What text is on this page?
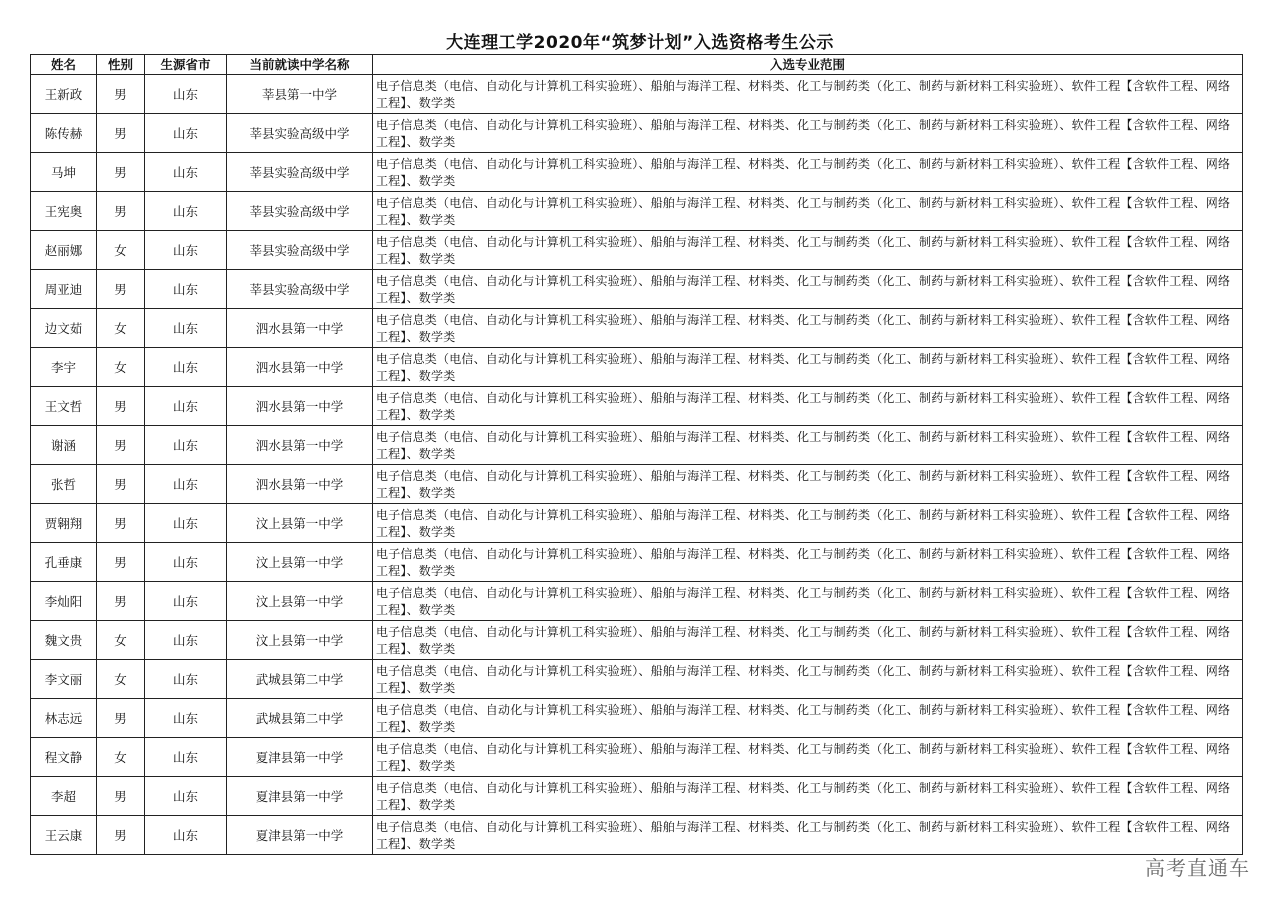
大连理工学2020年“筑梦计划”入选资格考生公示
姓名	性别	生源省市	当前就读中学名称	入选专业范围
王新政	男	山东	莘县第一中学	电子信息类（电信、自动化与计算机工科实验班）、船舶与海洋工程、材料类、化工与制药类（化工、制药与新材料工科实验班）、软件工程【含软件工程、网络工程】、数学类
陈传赫	男	山东	莘县实验高级中学	电子信息类（电信、自动化与计算机工科实验班）、船舶与海洋工程、材料类、化工与制药类（化工、制药与新材料工科实验班）、软件工程【含软件工程、网络工程】、数学类
马坤	男	山东	莘县实验高级中学	电子信息类（电信、自动化与计算机工科实验班）、船舶与海洋工程、材料类、化工与制药类（化工、制药与新材料工科实验班）、软件工程【含软件工程、网络工程】、数学类
王宪奥	男	山东	莘县实验高级中学	电子信息类（电信、自动化与计算机工科实验班）、船舶与海洋工程、材料类、化工与制药类（化工、制药与新材料工科实验班）、软件工程【含软件工程、网络工程】、数学类
赵丽娜	女	山东	莘县实验高级中学	电子信息类（电信、自动化与计算机工科实验班）、船舶与海洋工程、材料类、化工与制药类（化工、制药与新材料工科实验班）、软件工程【含软件工程、网络工程】、数学类
周亚迪	男	山东	莘县实验高级中学	电子信息类（电信、自动化与计算机工科实验班）、船舶与海洋工程、材料类、化工与制药类（化工、制药与新材料工科实验班）、软件工程【含软件工程、网络工程】、数学类
边文茹	女	山东	泗水县第一中学	电子信息类（电信、自动化与计算机工科实验班）、船舶与海洋工程、材料类、化工与制药类（化工、制药与新材料工科实验班）、软件工程【含软件工程、网络工程】、数学类
李宇	女	山东	泗水县第一中学	电子信息类（电信、自动化与计算机工科实验班）、船舶与海洋工程、材料类、化工与制药类（化工、制药与新材料工科实验班）、软件工程【含软件工程、网络工程】、数学类
王文哲	男	山东	泗水县第一中学	电子信息类（电信、自动化与计算机工科实验班）、船舶与海洋工程、材料类、化工与制药类（化工、制药与新材料工科实验班）、软件工程【含软件工程、网络工程】、数学类
谢涵	男	山东	泗水县第一中学	电子信息类（电信、自动化与计算机工科实验班）、船舶与海洋工程、材料类、化工与制药类（化工、制药与新材料工科实验班）、软件工程【含软件工程、网络工程】、数学类
张哲	男	山东	泗水县第一中学	电子信息类（电信、自动化与计算机工科实验班）、船舶与海洋工程、材料类、化工与制药类（化工、制药与新材料工科实验班）、软件工程【含软件工程、网络工程】、数学类
贾翱翔	男	山东	汶上县第一中学	电子信息类（电信、自动化与计算机工科实验班）、船舶与海洋工程、材料类、化工与制药类（化工、制药与新材料工科实验班）、软件工程【含软件工程、网络工程】、数学类
孔垂康	男	山东	汶上县第一中学	电子信息类（电信、自动化与计算机工科实验班）、船舶与海洋工程、材料类、化工与制药类（化工、制药与新材料工科实验班）、软件工程【含软件工程、网络工程】、数学类
李灿阳	男	山东	汶上县第一中学	电子信息类（电信、自动化与计算机工科实验班）、船舶与海洋工程、材料类、化工与制药类（化工、制药与新材料工科实验班）、软件工程【含软件工程、网络工程】、数学类
魏文贵	女	山东	汶上县第一中学	电子信息类（电信、自动化与计算机工科实验班）、船舶与海洋工程、材料类、化工与制药类（化工、制药与新材料工科实验班）、软件工程【含软件工程、网络工程】、数学类
李文丽	女	山东	武城县第二中学	电子信息类（电信、自动化与计算机工科实验班）、船舶与海洋工程、材料类、化工与制药类（化工、制药与新材料工科实验班）、软件工程【含软件工程、网络工程】、数学类
林志远	男	山东	武城县第二中学	电子信息类（电信、自动化与计算机工科实验班）、船舶与海洋工程、材料类、化工与制药类（化工、制药与新材料工科实验班）、软件工程【含软件工程、网络工程】、数学类
程文静	女	山东	夏津县第一中学	电子信息类（电信、自动化与计算机工科实验班）、船舶与海洋工程、材料类、化工与制药类（化工、制药与新材料工科实验班）、软件工程【含软件工程、网络工程】、数学类
李超	男	山东	夏津县第一中学	电子信息类（电信、自动化与计算机工科实验班）、船舶与海洋工程、材料类、化工与制药类（化工、制药与新材料工科实验班）、软件工程【含软件工程、网络工程】、数学类
王云康	男	山东	夏津县第一中学	电子信息类（电信、自动化与计算机工科实验班）、船舶与海洋工程、材料类、化工与制药类（化工、制药与新材料工科实验班）、软件工程【含软件工程、网络工程】、数学类
高考直通车
